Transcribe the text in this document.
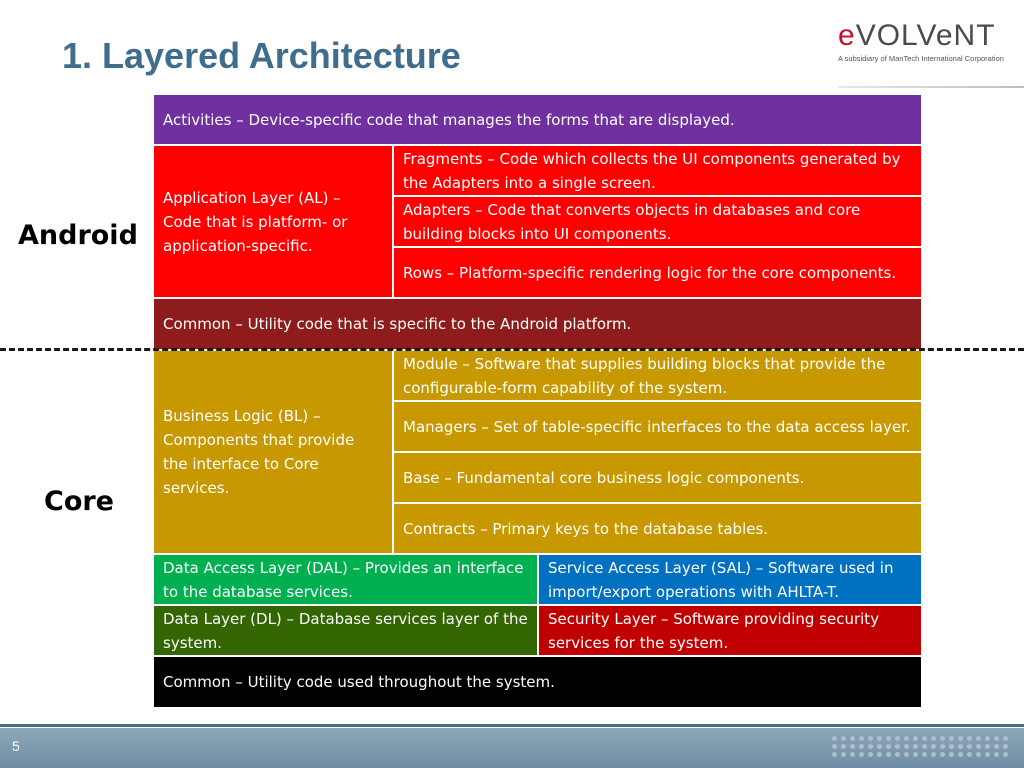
1. Layered Architecture	eVOLVeNT
A subsidiary of ManTech International Corporation
Android
Core
Activities – Device-specific code that manages the forms that are displayed.
Application Layer (AL) – Code that is platform- or application-specific.
Fragments – Code which collects the UI components generated by the Adapters into a single screen.
Adapters – Code that converts objects in databases and core building blocks into UI components.
Rows – Platform-specific rendering logic for the core components.
Common – Utility code that is specific to the Android platform.
Business Logic (BL) – Components that provide the interface to Core services.
Module – Software that supplies building blocks that provide the configurable-form capability of the system.
Managers – Set of table-specific interfaces to the data access layer.
Base – Fundamental core business logic components.
Contracts – Primary keys to the database tables.
Data Access Layer (DAL) – Provides an interface to the database services.
Service Access Layer (SAL) – Software used in import/export operations with AHLTA-T.
Data Layer (DL) – Database services layer of the system.
Security Layer – Software providing security services for the system.
Common – Utility code used throughout the system.
5
